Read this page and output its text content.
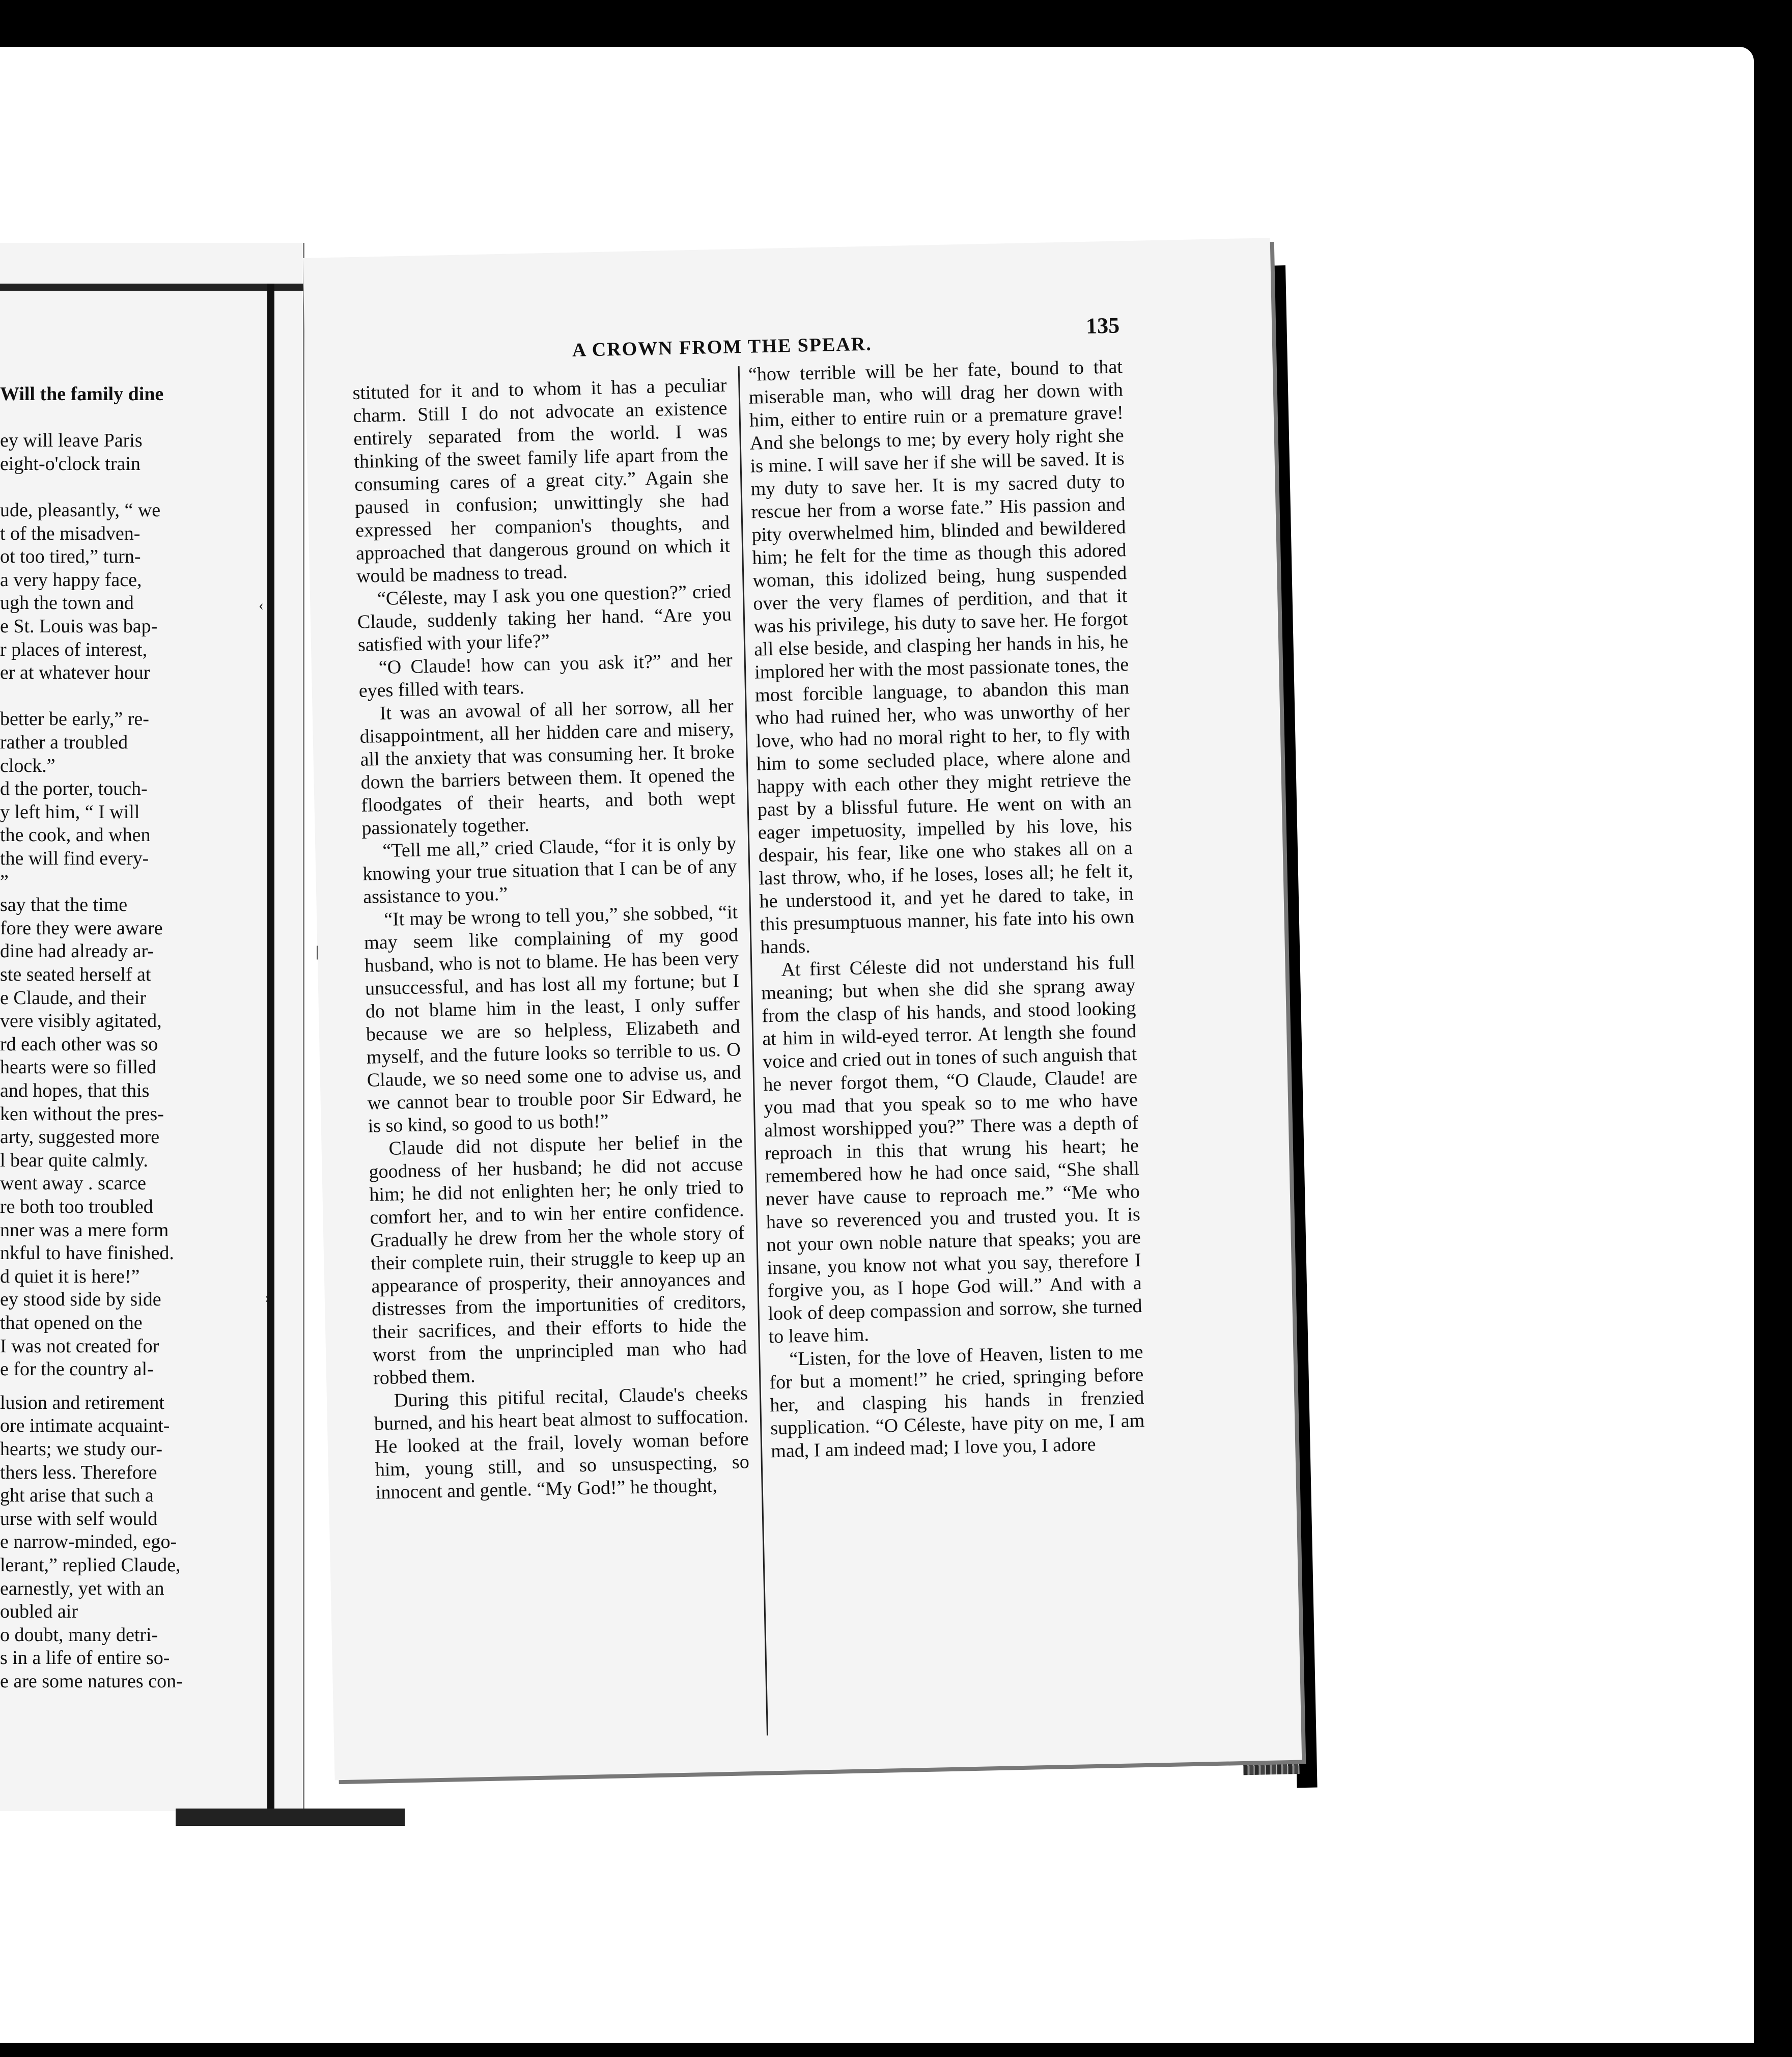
Will the family dine
ey will leave Paris
eight-o'clock train
ude, pleasantly, “ we
t of the misadven-
ot too tired,” turn-
a very happy face,
ugh the town and
e St. Louis was bap-
r places of interest,
er at whatever hour
better be early,” re-
rather a troubled
clock.”
d the porter, touch-
y left him, “ I will
the cook, and when
the will find every-
”
say that the time
fore they were aware
dine had already ar-
ste seated herself at
e Claude, and their
vere visibly agitated,
rd each other was so
hearts were so filled
and hopes, that this
ken without the pres-
arty, suggested more
l bear quite calmly.
went away . scarce
re both too troubled
nner was a mere form
nkful to have finished.
d quiet it is here!”
ey stood side by side
that opened on the
I was not created for
e for the country al-
lusion and retirement
ore intimate acquaint-
hearts; we study our-
thers less. Therefore
ght arise that such a
urse with self would
e narrow-minded, ego-
lerant,” replied Claude,
earnestly, yet with an
oubled air
o doubt, many detri-
s in a life of entire so-
e are some natures con-
A CROWN FROM THE SPEAR.
135

stituted for it and to whom it has a peculiar charm. Still I do not advocate an existence entirely separated from the world. I was thinking of the sweet family life apart from the consuming cares of a great city.” Again she paused in confusion; unwittingly she had expressed her companion's thoughts, and approached that dangerous ground on which it would be madness to tread.

“Céleste, may I ask you one question?” cried Claude, suddenly taking her hand. “Are you satisfied with your life?”

“O Claude! how can you ask it?” and her eyes filled with tears.

It was an avowal of all her sorrow, all her disappointment, all her hidden care and misery, all the anxiety that was consuming her. It broke down the barriers between them. It opened the floodgates of their hearts, and both wept passionately together.

“Tell me all,” cried Claude, “for it is only by knowing your true situation that I can be of any assistance to you.”

“It may be wrong to tell you,” she sobbed, “it may seem like complaining of my good husband, who is not to blame. He has been very unsuccessful, and has lost all my fortune; but I do not blame him in the least, I only suffer because we are so helpless, Elizabeth and myself, and the future looks so terrible to us. O Claude, we so need some one to advise us, and we cannot bear to trouble poor Sir Edward, he is so kind, so good to us both!”

Claude did not dispute her belief in the goodness of her husband; he did not accuse him; he did not enlighten her; he only tried to comfort her, and to win her entire confidence. Gradually he drew from her the whole story of their complete ruin, their struggle to keep up an appearance of prosperity, their annoyances and distresses from the importunities of creditors, their sacrifices, and their efforts to hide the worst from the unprincipled man who had robbed them.

During this pitiful recital, Claude's cheeks burned, and his heart beat almost to suffocation. He looked at the frail, lovely woman before him, young still, and so unsuspecting, so innocent and gentle. “My God!” he thought,

“how terrible will be her fate, bound to that miserable man, who will drag her down with him, either to entire ruin or a premature grave! And she belongs to me; by every holy right she is mine. I will save her if she will be saved. It is my duty to save her. It is my sacred duty to rescue her from a worse fate.” His passion and pity overwhelmed him, blinded and bewildered him; he felt for the time as though this adored woman, this idolized being, hung suspended over the very flames of perdition, and that it was his privilege, his duty to save her. He forgot all else beside, and clasping her hands in his, he implored her with the most passionate tones, the most forcible language, to abandon this man who had ruined her, who was unworthy of her love, who had no moral right to her, to fly with him to some secluded place, where alone and happy with each other they might retrieve the past by a blissful future. He went on with an eager impetuosity, impelled by his love, his despair, his fear, like one who stakes all on a last throw, who, if he loses, loses all; he felt it, he understood it, and yet he dared to take, in this presumptuous manner, his fate into his own hands.

At first Céleste did not understand his full meaning; but when she did she sprang away from the clasp of his hands, and stood looking at him in wild-eyed terror. At length she found voice and cried out in tones of such anguish that he never forgot them, “O Claude, Claude! are you mad that you speak so to me who have almost worshipped you?” There was a depth of reproach in this that wrung his heart; he remembered how he had once said, “She shall never have cause to reproach me.” “Me who have so reverenced you and trusted you. It is not your own noble nature that speaks; you are insane, you know not what you say, therefore I forgive you, as I hope God will.” And with a look of deep compassion and sorrow, she turned to leave him.

“Listen, for the love of Heaven, listen to me for but a moment!” he cried, springing before her, and clasping his hands in frenzied supplication. “O Céleste, have pity on me, I am mad, I am indeed mad; I love you, I adore

‹
|
›
